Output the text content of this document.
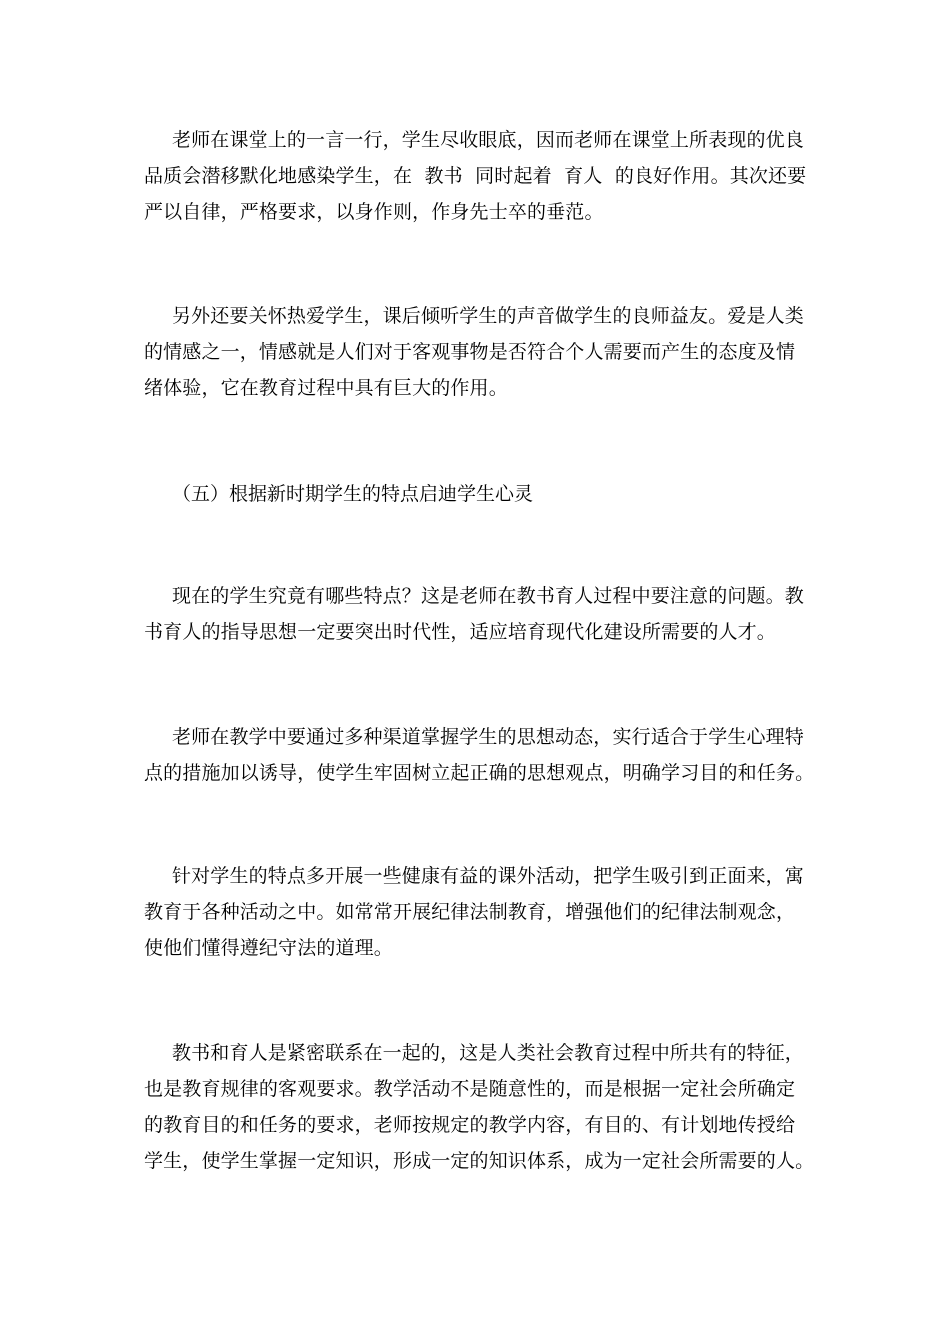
老师在课堂上的一言一行，学生尽收眼底，因而老师在课堂上所表现的优良
品质会潜移默化地感染学生，在  教书  同时起着  育人  的良好作用。其次还要
严以自律，严格要求，以身作则，作身先士卒的垂范。

另外还要关怀热爱学生，课后倾听学生的声音做学生的良师益友。爱是人类
的情感之一，情感就是人们对于客观事物是否符合个人需要而产生的态度及情
绪体验，它在教育过程中具有巨大的作用。

（五）根据新时期学生的特点启迪学生心灵

现在的学生究竟有哪些特点？这是老师在教书育人过程中要注意的问题。教
书育人的指导思想一定要突出时代性，适应培育现代化建设所需要的人才。

老师在教学中要通过多种渠道掌握学生的思想动态，实行适合于学生心理特
点的措施加以诱导，使学生牢固树立起正确的思想观点，明确学习目的和任务。

针对学生的特点多开展一些健康有益的课外活动，把学生吸引到正面来，寓
教育于各种活动之中。如常常开展纪律法制教育，增强他们的纪律法制观念，
使他们懂得遵纪守法的道理。

教书和育人是紧密联系在一起的，这是人类社会教育过程中所共有的特征，
也是教育规律的客观要求。教学活动不是随意性的，而是根据一定社会所确定
的教育目的和任务的要求，老师按规定的教学内容，有目的、有计划地传授给
学生，使学生掌握一定知识，形成一定的知识体系，成为一定社会所需要的人。
